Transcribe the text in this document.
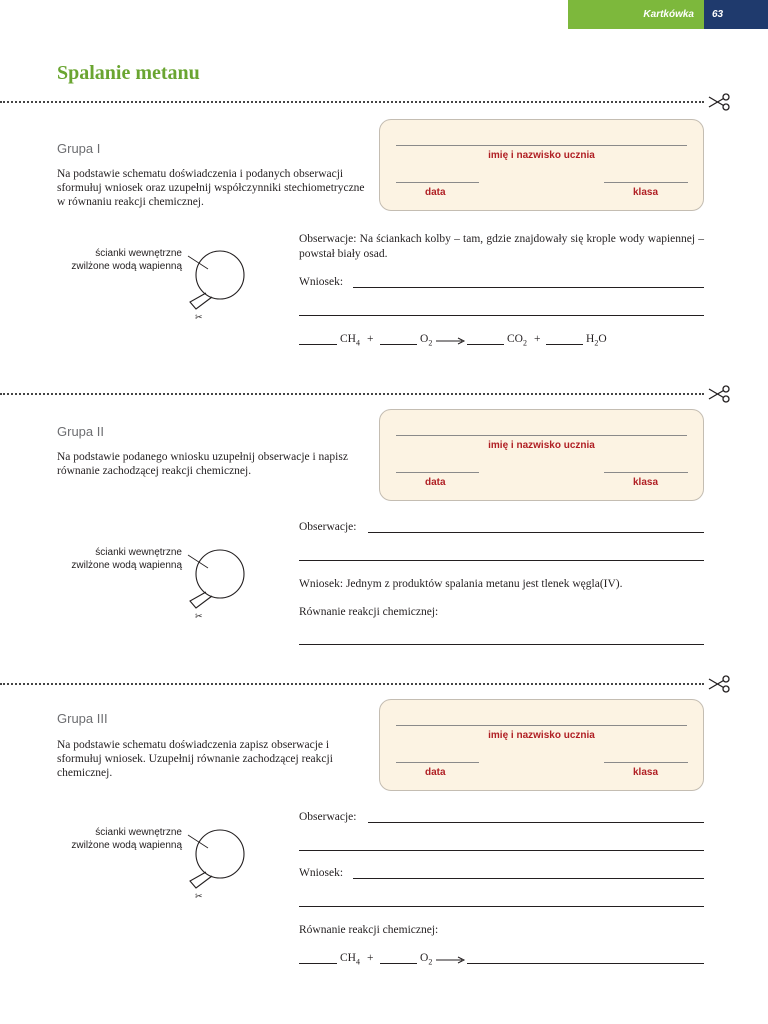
Kartkówka 63
Spalanie metanu
Grupa I
Na podstawie schematu doświadczenia i podanych obserwacji sformułuj wniosek oraz uzupełnij współczynniki stechiometryczne w równaniu reakcji chemicznej.
imię i nazwisko ucznia
data	klasa
ścianki wewnętrzne
zwilżone wodą wapienną
✂
Obserwacje: Na ściankach kolby – tam, gdzie znajdowały się krople wody wapiennej – powstał biały osad.
Wniosek:
$CH_4$ +	$O_2$ →	$CO_2$ +	$H_2O$
Grupa II
Na podstawie podanego wniosku uzupełnij obserwacje i napisz równanie zachodzącej reakcji chemicznej.
imię i nazwisko ucznia
data	klasa
ścianki wewnętrzne
zwilżone wodą wapienną
✂
Obserwacje:
Wniosek: Jednym z produktów spalania metanu jest tlenek węgla(IV).
Równanie reakcji chemicznej:
Grupa III
Na podstawie schematu doświadczenia zapisz obserwacje i sformułuj wniosek. Uzupełnij równanie zachodzącej reakcji chemicznej.
imię i nazwisko ucznia
data	klasa
ścianki wewnętrzne
zwilżone wodą wapienną
✂
Obserwacje:
Wniosek:
Równanie reakcji chemicznej:
$CH_4$ +	$O_2$ →
